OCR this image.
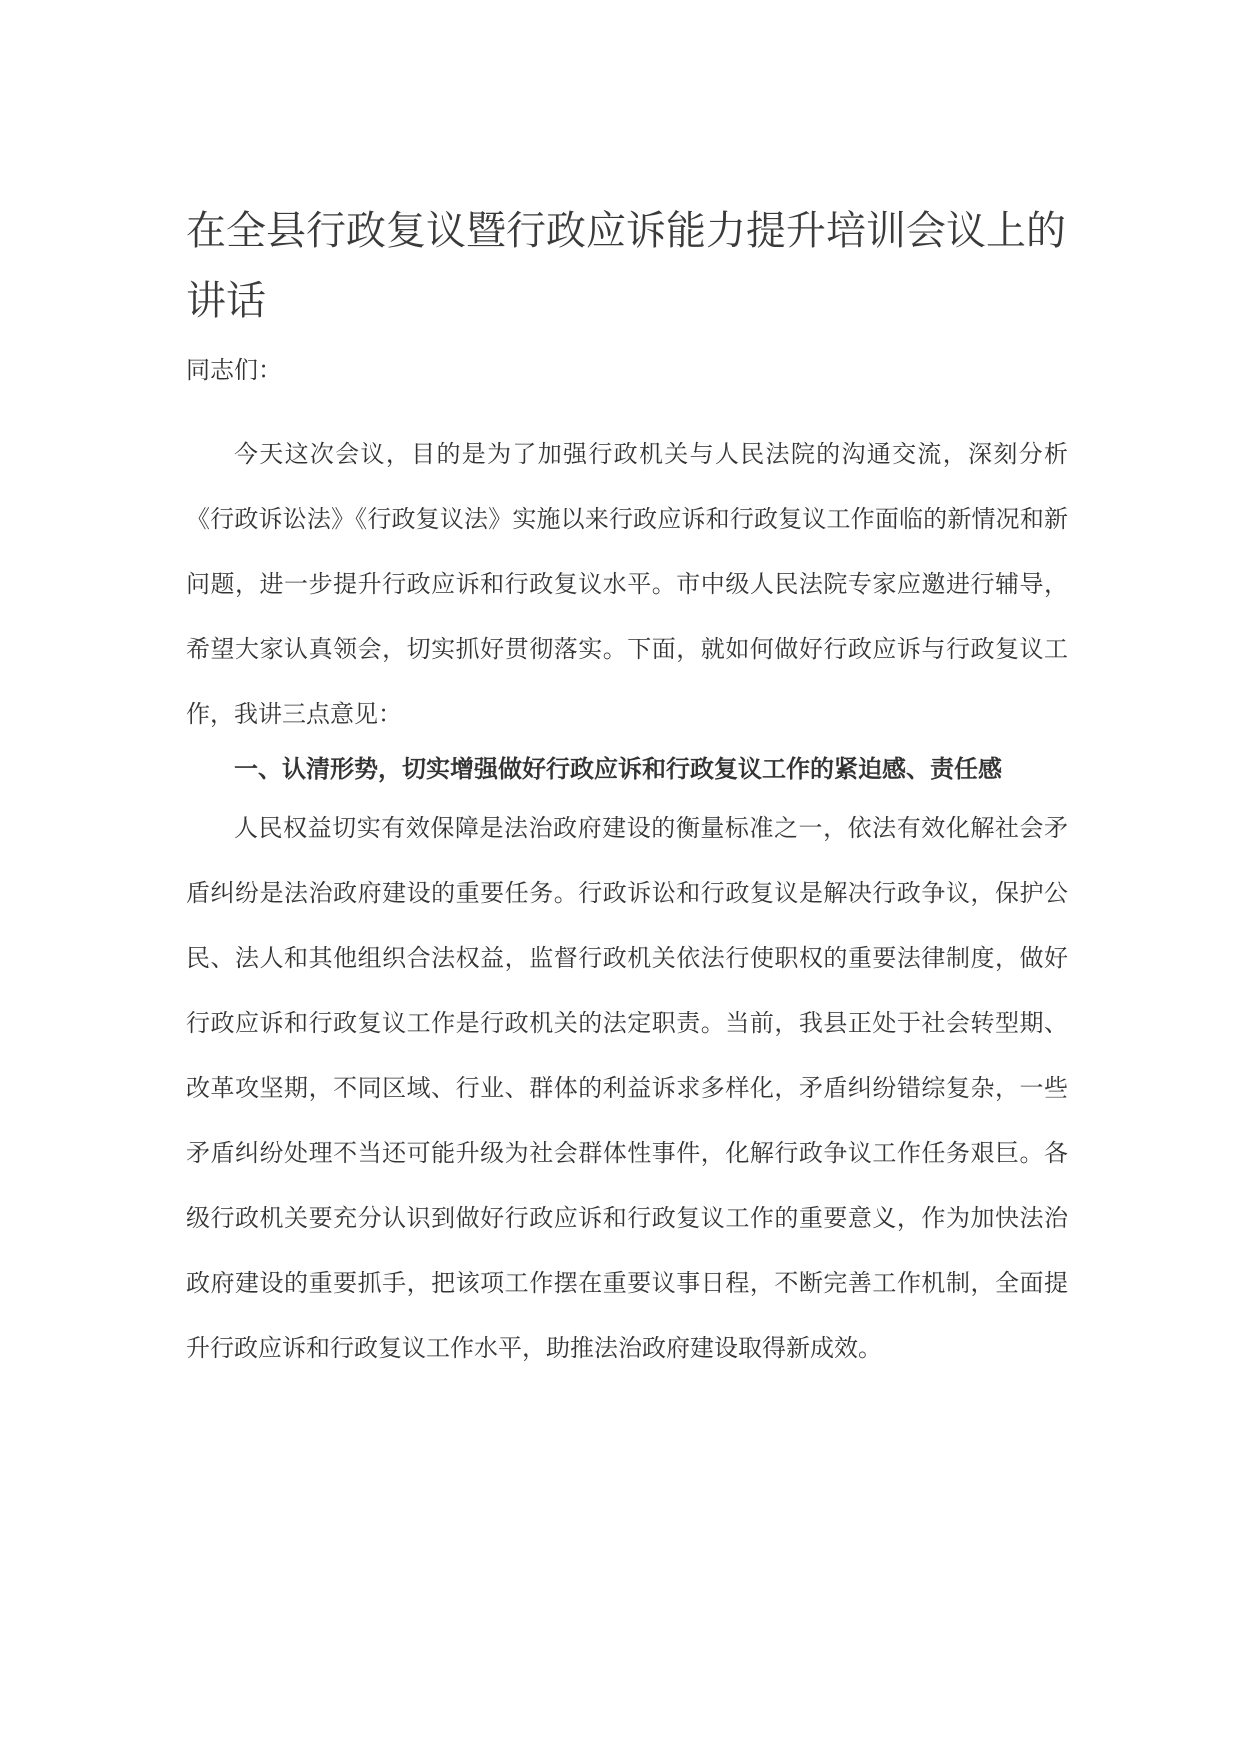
在全县行政复议暨行政应诉能力提升培训会议上的讲话

同志们：

今天这次会议，目的是为了加强行政机关与人民法院的沟通交流，深刻分析《行政诉讼法》《行政复议法》实施以来行政应诉和行政复议工作面临的新情况和新问题，进一步提升行政应诉和行政复议水平。市中级人民法院专家应邀进行辅导，希望大家认真领会，切实抓好贯彻落实。下面，就如何做好行政应诉与行政复议工作，我讲三点意见：

一、认清形势，切实增强做好行政应诉和行政复议工作的紧迫感、责任感

人民权益切实有效保障是法治政府建设的衡量标准之一，依法有效化解社会矛盾纠纷是法治政府建设的重要任务。行政诉讼和行政复议是解决行政争议，保护公民、法人和其他组织合法权益，监督行政机关依法行使职权的重要法律制度，做好行政应诉和行政复议工作是行政机关的法定职责。当前，我县正处于社会转型期、改革攻坚期，不同区域、行业、群体的利益诉求多样化，矛盾纠纷错综复杂，一些矛盾纠纷处理不当还可能升级为社会群体性事件，化解行政争议工作任务艰巨。各级行政机关要充分认识到做好行政应诉和行政复议工作的重要意义，作为加快法治政府建设的重要抓手，把该项工作摆在重要议事日程，不断完善工作机制，全面提升行政应诉和行政复议工作水平，助推法治政府建设取得新成效。
